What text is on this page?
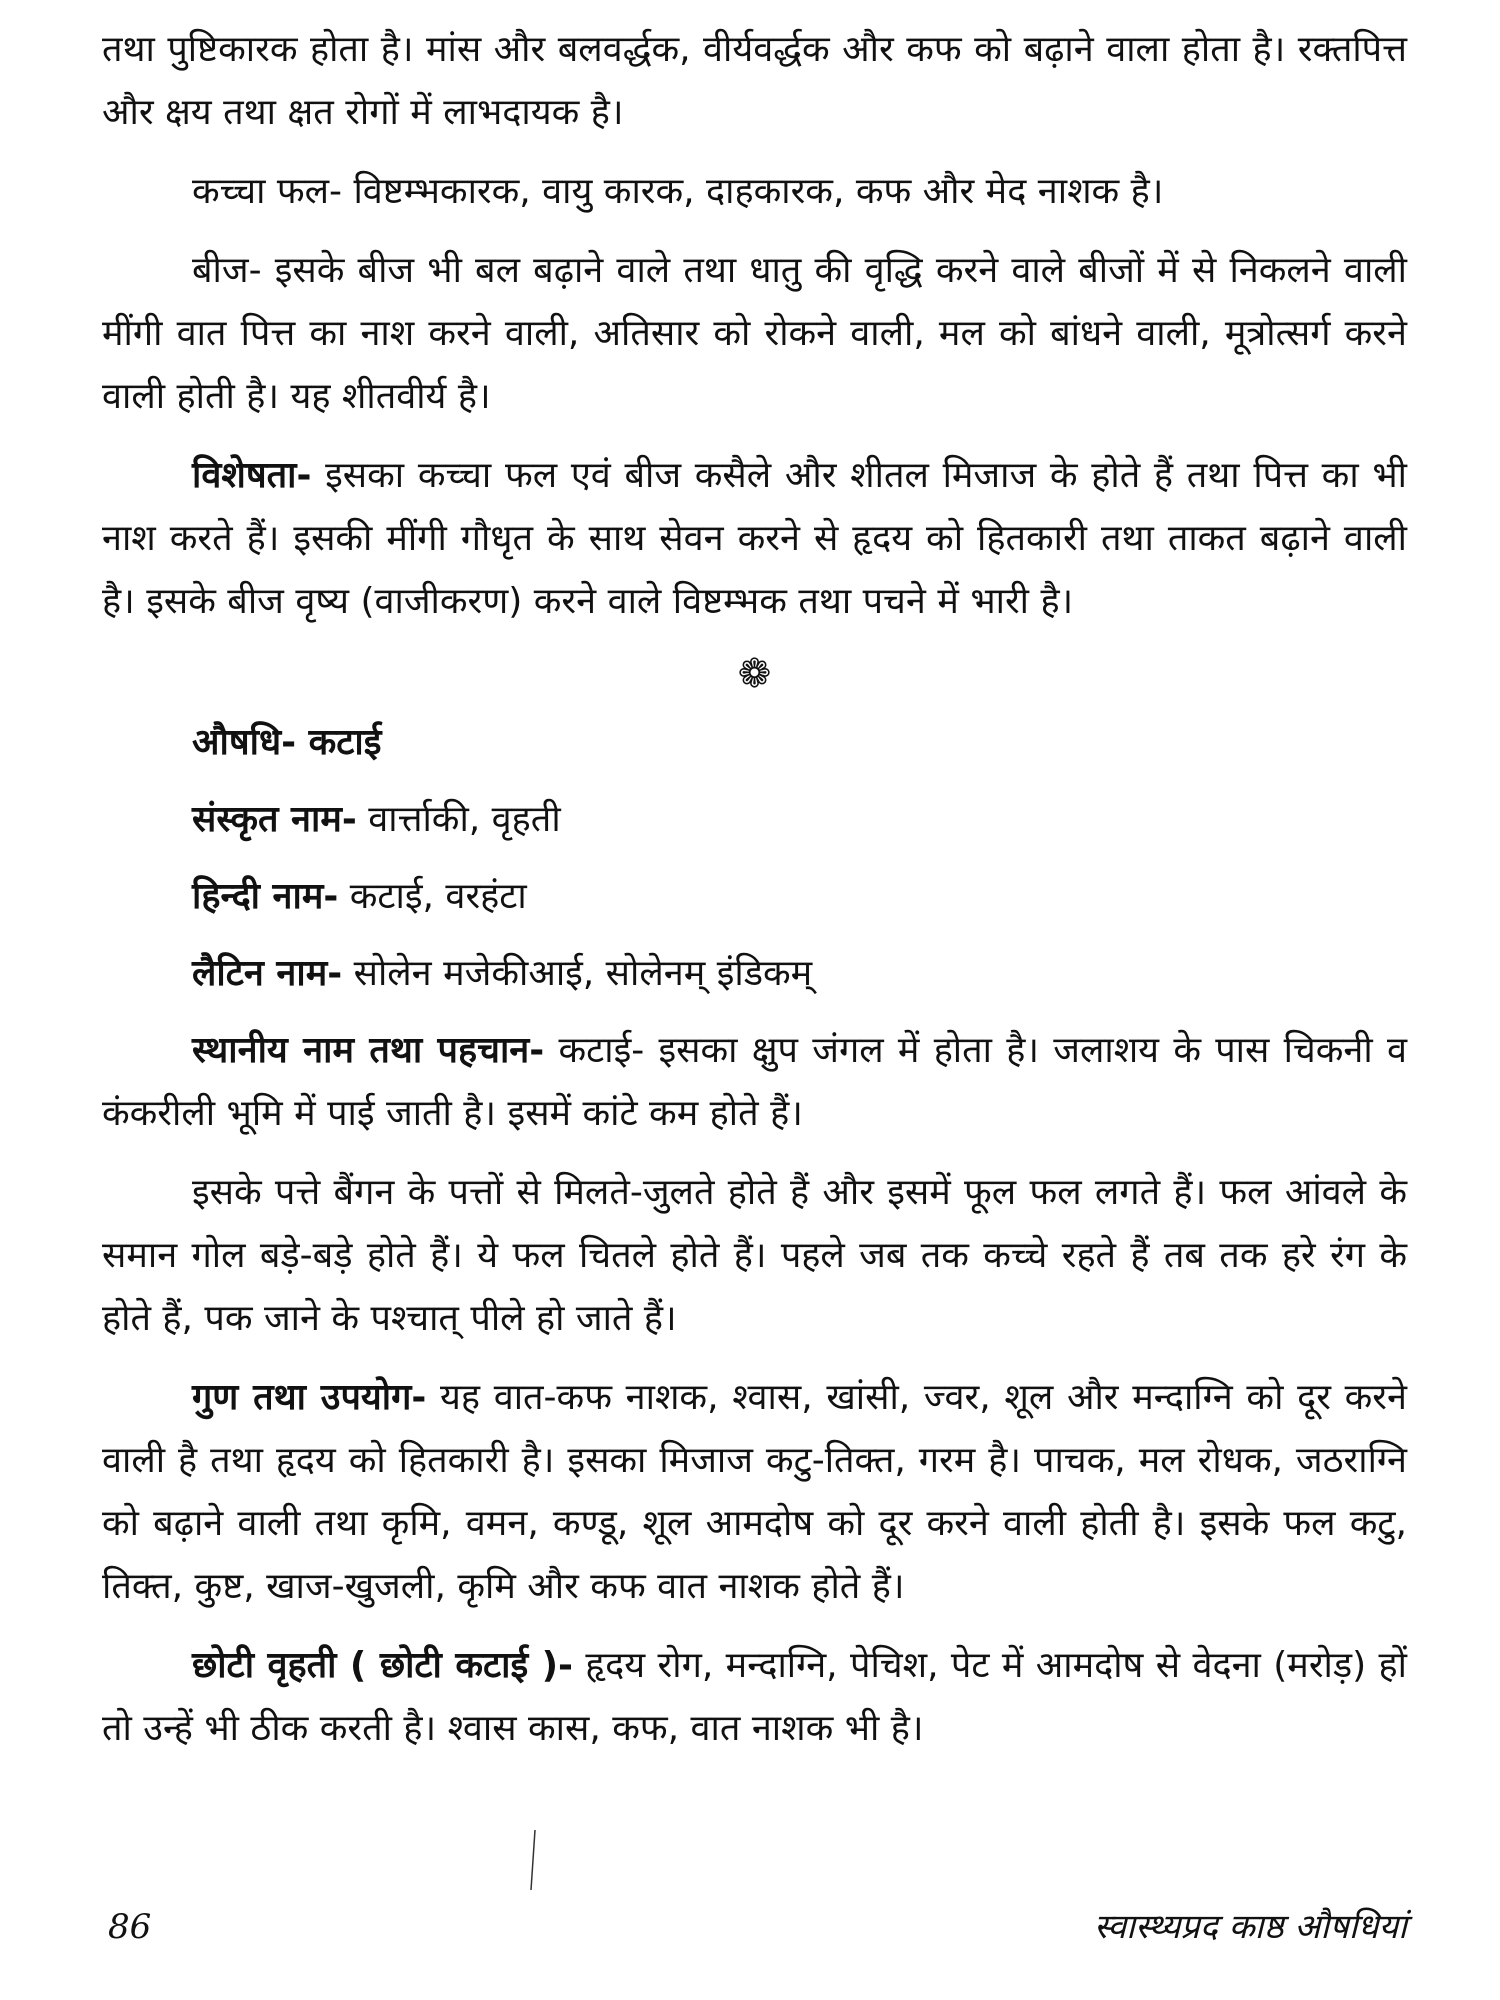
तथा पुष्टिकारक होता है। मांस और बलवर्द्धक, वीर्यवर्द्धक और कफ को बढ़ाने वाला होता है। रक्तपित्त और क्षय तथा क्षत रोगों में लाभदायक है।

कच्चा फल- विष्टम्भकारक, वायु कारक, दाहकारक, कफ और मेद नाशक है।

बीज- इसके बीज भी बल बढ़ाने वाले तथा धातु की वृद्धि करने वाले बीजों में से निकलने वाली मींगी वात पित्त का नाश करने वाली, अतिसार को रोकने वाली, मल को बांधने वाली, मूत्रोत्सर्ग करने वाली होती है। यह शीतवीर्य है।

विशेषता- इसका कच्चा फल एवं बीज कसैले और शीतल मिजाज के होते हैं तथा पित्त का भी नाश करते हैं। इसकी मींगी गौधृत के साथ सेवन करने से हृदय को हितकारी तथा ताकत बढ़ाने वाली है। इसके बीज वृष्य (वाजीकरण) करने वाले विष्टम्भक तथा पचने में भारी है।

❁
औषधि- कटाई
संस्कृत नाम- वार्त्ताकी, वृहती
हिन्दी नाम- कटाई, वरहंटा
लैटिन नाम- सोलेन मजेकीआई, सोलेनम् इंडिकम्

स्थानीय नाम तथा पहचान- कटाई- इसका क्षुप जंगल में होता है। जलाशय के पास चिकनी व कंकरीली भूमि में पाई जाती है। इसमें कांटे कम होते हैं।

इसके पत्ते बैंगन के पत्तों से मिलते-जुलते होते हैं और इसमें फूल फल लगते हैं। फल आंवले के समान गोल बड़े-बड़े होते हैं। ये फल चितले होते हैं। पहले जब तक कच्चे रहते हैं तब तक हरे रंग के होते हैं, पक जाने के पश्चात् पीले हो जाते हैं।

गुण तथा उपयोग- यह वात-कफ नाशक, श्वास, खांसी, ज्वर, शूल और मन्दाग्नि को दूर करने वाली है तथा हृदय को हितकारी है। इसका मिजाज कटु-तिक्त, गरम है। पाचक, मल रोधक, जठराग्नि को बढ़ाने वाली तथा कृमि, वमन, कण्डू, शूल आमदोष को दूर करने वाली होती है। इसके फल कटु, तिक्त, कुष्ट, खाज-खुजली, कृमि और कफ वात नाशक होते हैं।

छोटी वृहती ( छोटी कटाई )- हृदय रोग, मन्दाग्नि, पेचिश, पेट में आमदोष से वेदना (मरोड़) हों तो उन्हें भी ठीक करती है। श्वास कास, कफ, वात नाशक भी है।

86	स्वास्थ्यप्रद काष्ठ औषधियां
